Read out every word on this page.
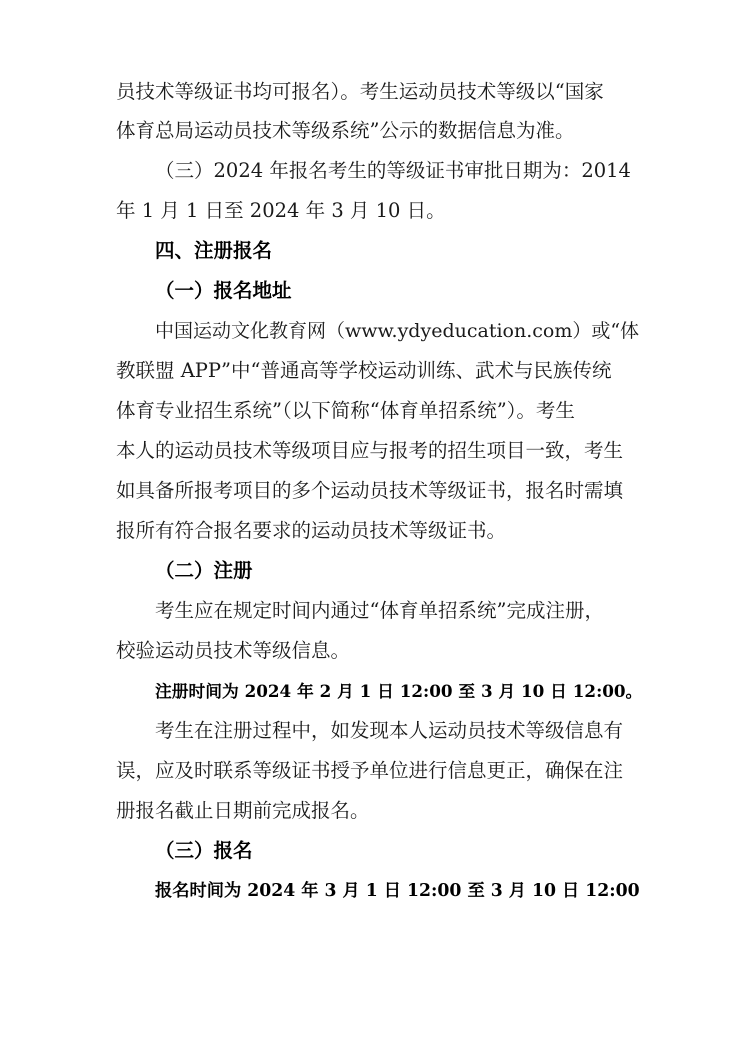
员技术等级证书均可报名）。考生运动员技术等级以“国家
体育总局运动员技术等级系统”公示的数据信息为准。
（三）2024 年报名考生的等级证书审批日期为：2014
年 1 月 1 日至 2024 年 3 月 10 日。
四、注册报名
（一）报名地址
中国运动文化教育网（www.ydyeducation.com）或“体
教联盟 APP”中“普通高等学校运动训练、武术与民族传统
体育专业招生系统”（以下简称“体育单招系统”）。考生
本人的运动员技术等级项目应与报考的招生项目一致，考生
如具备所报考项目的多个运动员技术等级证书，报名时需填
报所有符合报名要求的运动员技术等级证书。
（二）注册
考生应在规定时间内通过“体育单招系统”完成注册，
校验运动员技术等级信息。
注册时间为 2024 年 2 月 1 日 12:00 至 3 月 10 日 12:00。
考生在注册过程中，如发现本人运动员技术等级信息有
误，应及时联系等级证书授予单位进行信息更正，确保在注
册报名截止日期前完成报名。
（三）报名
报名时间为 2024 年 3 月 1 日 12:00 至 3 月 10 日 12:00
